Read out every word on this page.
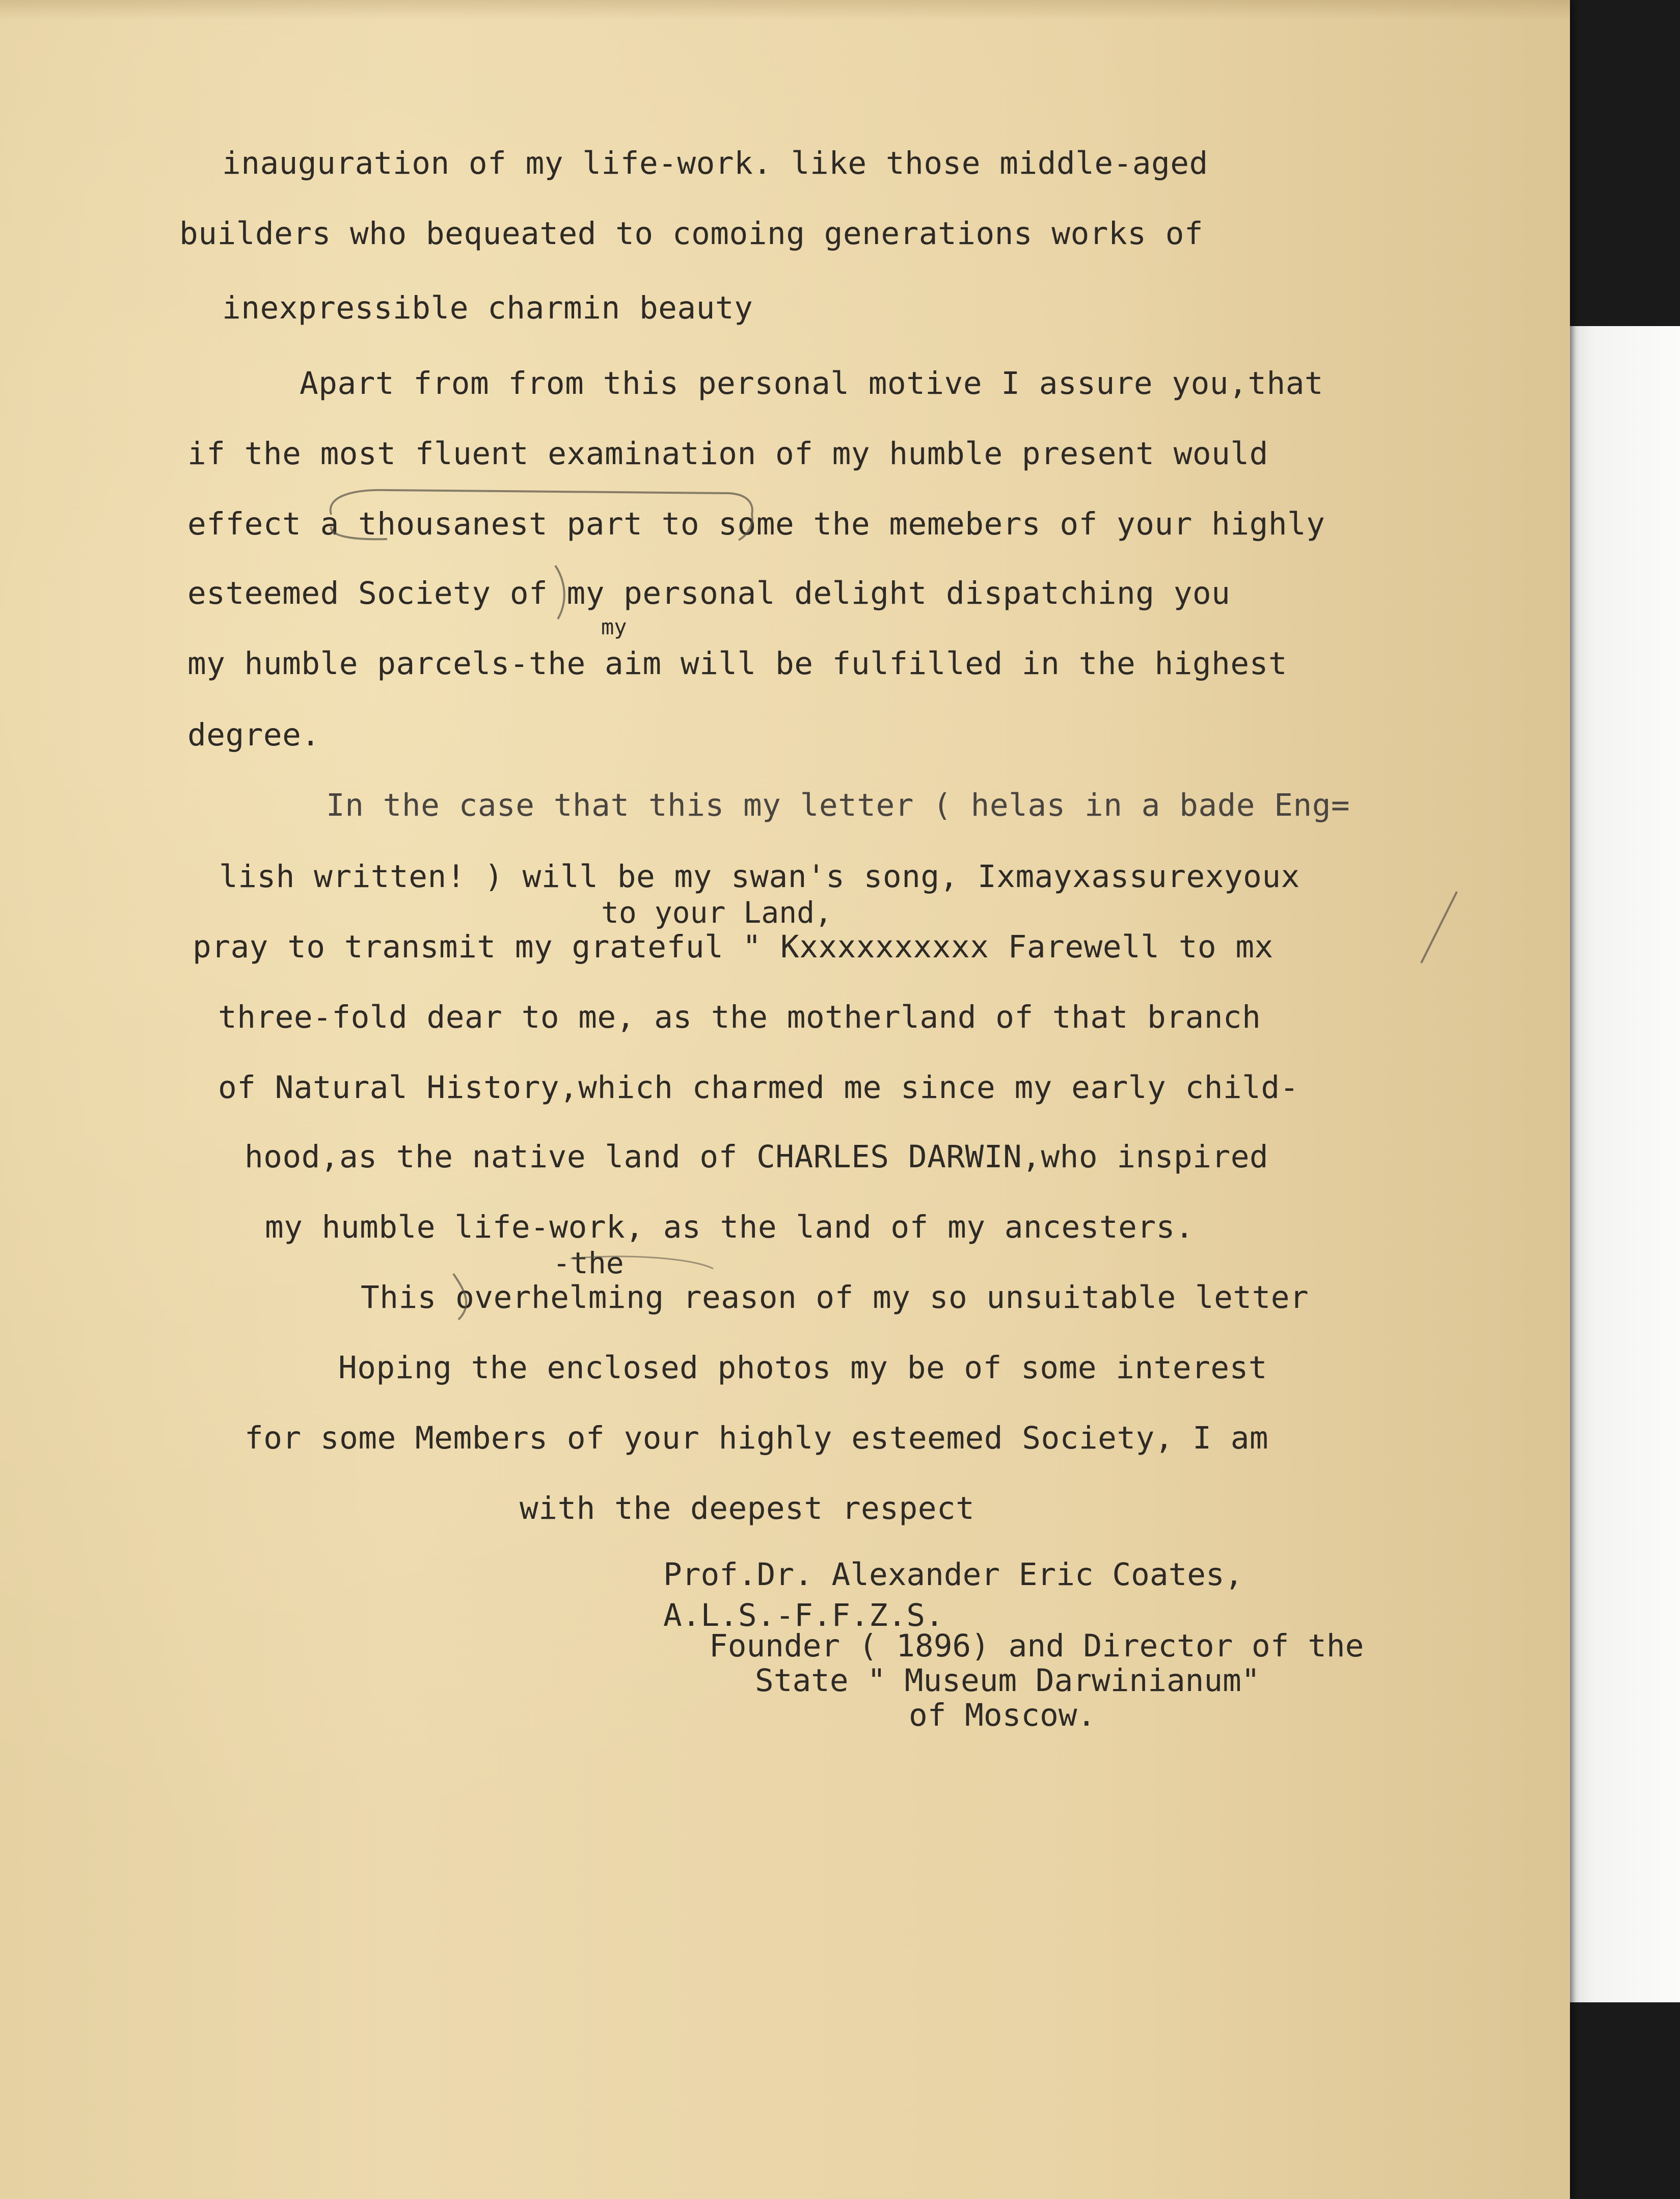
inauguration of my life-work. like those middle-aged

builders who bequeated to comoing generations works of

inexpressible charmin beauty

Apart from from this personal motive I assure you,that

if the most fluent examination of my humble present would

effect a thousanest part to some the memebers of your highly

esteemed Society of my personal delight dispatching you

my

my humble parcels-the aim will be fulfilled in the highest

degree.

In the case that this my letter ( helas in a bade Eng=

lish written! ) will be my swan's song, Ixmayxassurexyoux

to your Land,

pray to transmit my grateful " Kxxxxxxxxxx Farewell to mx

three-fold dear to me, as the motherland of that branch

of Natural History,which charmed me since my early child-

hood,as the native land of CHARLES DARWIN,who inspired

my humble life-work, as the land of my ancesters.

-the

This overhelming reason of my so unsuitable letter

Hoping the enclosed photos my be of some interest

for some Members of your highly esteemed Society, I am

with the deepest respect

Prof.Dr. Alexander Eric Coates,

A.L.S.-F.F.Z.S.

Founder ( 1896) and Director of the

State " Museum Darwinianum"

of Moscow.
